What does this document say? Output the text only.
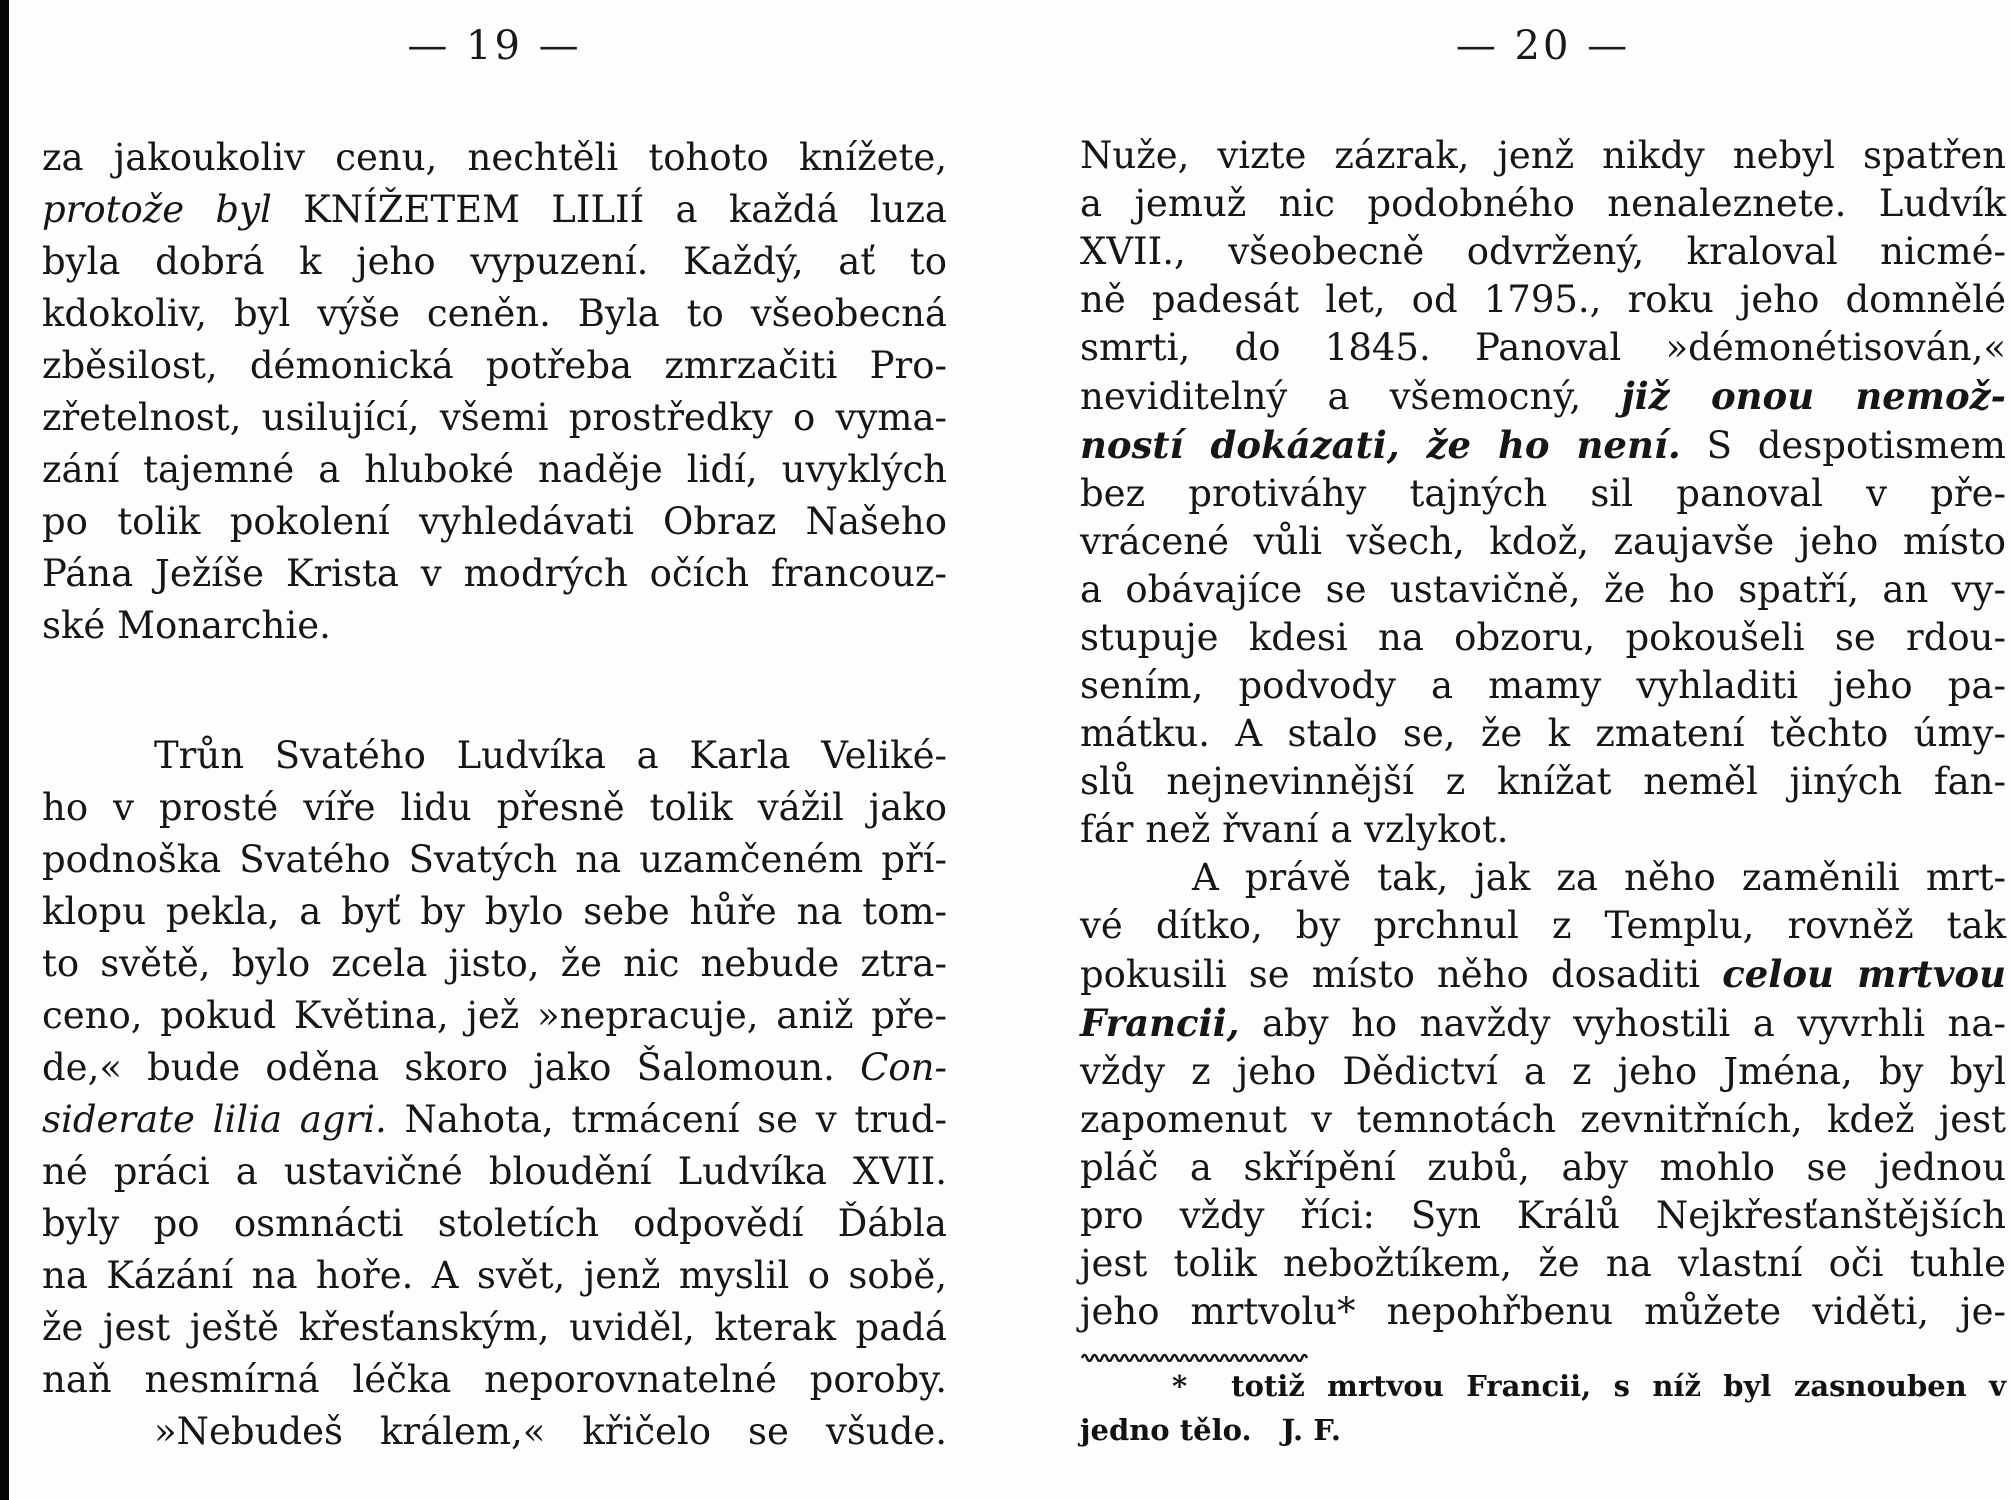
— 19 —
za jakoukoliv cenu, nechtěli tohoto knížete,
protože byl KNÍŽETEM LILIÍ a každá luza
byla dobrá k jeho vypuzení. Každý, ať to
kdokoliv, byl výše ceněn. Byla to všeobecná
zběsilost, démonická potřeba zmrzačiti Pro-
zřetelnost, usilující, všemi prostředky o vyma-
zání tajemné a hluboké naděje lidí, uvyklých
po tolik pokolení vyhledávati Obraz Našeho
Pána Ježíše Krista v modrých očích francouz-
ské Monarchie.
Trůn Svatého Ludvíka a Karla Veliké-
ho v prosté víře lidu přesně tolik vážil jako
podnoška Svatého Svatých na uzamčeném pří-
klopu pekla, a byť by bylo sebe hůře na tom-
to světě, bylo zcela jisto, že nic nebude ztra-
ceno, pokud Květina, jež »nepracuje, aniž pře-
de,« bude oděna skoro jako Šalomoun. Con-
siderate lilia agri. Nahota, trmácení se v trud-
né práci a ustavičné bloudění Ludvíka XVII.
byly po osmnácti stoletích odpovědí Ďábla
na Kázání na hoře. A svět, jenž myslil o sobě,
že jest ještě křesťanským, uviděl, kterak padá
naň nesmírná léčka neporovnatelné poroby.
»Nebudeš králem,« křičelo se všude.
— 20 —
Nuže, vizte zázrak, jenž nikdy nebyl spatřen
a jemuž nic podobného nenaleznete. Ludvík
XVII., všeobecně odvržený, kraloval nicmé-
ně padesát let, od 1795., roku jeho domnělé
smrti, do 1845. Panoval »démonétisován,«
neviditelný a všemocný, již onou nemož-
ností dokázati, že ho není. S despotismem
bez protiváhy tajných sil panoval v pře-
vrácené vůli všech, kdož, zaujavše jeho místo
a obávajíce se ustavičně, že ho spatří, an vy-
stupuje kdesi na obzoru, pokoušeli se rdou-
sením, podvody a mamy vyhladiti jeho pa-
mátku. A stalo se, že k zmatení těchto úmy-
slů nejnevinnější z knížat neměl jiných fan-
fár než řvaní a vzlykot.
A právě tak, jak za něho zaměnili mrt-
vé dítko, by prchnul z Templu, rovněž tak
pokusili se místo něho dosaditi celou mrtvou
Francii, aby ho navždy vyhostili a vyvrhli na-
vždy z jeho Dědictví a z jeho Jména, by byl
zapomenut v temnotách zevnitřních, kdež jest
pláč a skřípění zubů, aby mohlo se jednou
pro vždy říci: Syn Králů Nejkřesťanštějších
jest tolik nebožtíkem, že na vlastní oči tuhle
jeho mrtvolu* nepohřbenu můžete viděti, je-
* totiž mrtvou Francii, s níž byl zasnouben v
jedno tělo. J. F.
